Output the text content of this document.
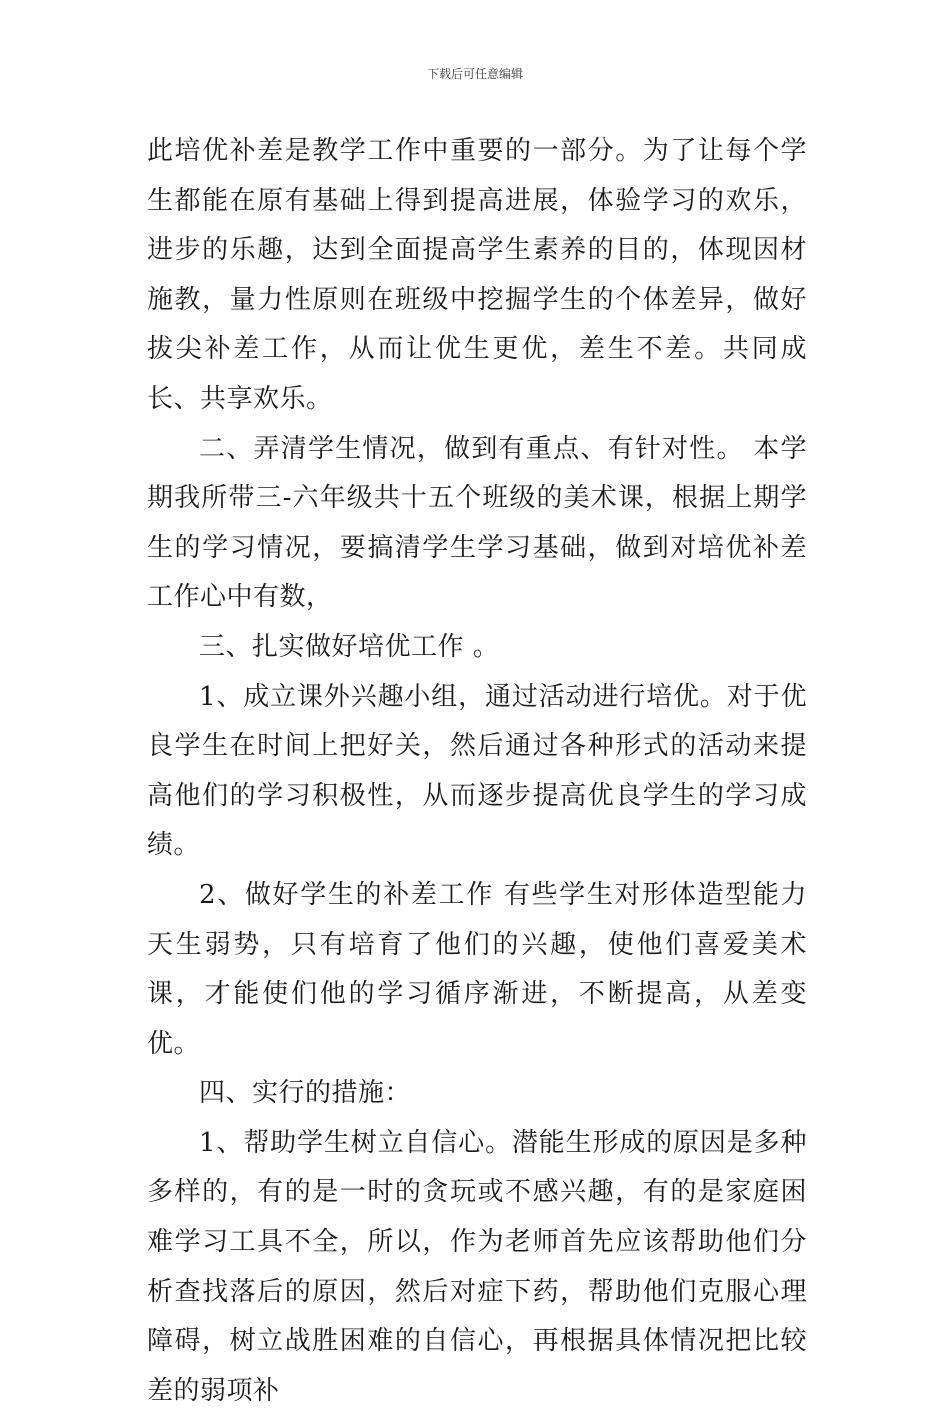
下载后可任意编辑

此培优补差是教学工作中重要的一部分。为了让每个学生都能在原有基础上得到提高进展，体验学习的欢乐，进步的乐趣，达到全面提高学生素养的目的，体现因材施教，量力性原则在班级中挖掘学生的个体差异，做好拔尖补差工作，从而让优生更优，差生不差。共同成长、共享欢乐。

二、弄清学生情况，做到有重点、有针对性。 本学期我所带三-六年级共十五个班级的美术课，根据上期学生的学习情况，要搞清学生学习基础，做到对培优补差工作心中有数，

三、扎实做好培优工作 。

1、成立课外兴趣小组，通过活动进行培优。对于优良学生在时间上把好关，然后通过各种形式的活动来提高他们的学习积极性，从而逐步提高优良学生的学习成绩。

2、做好学生的补差工作 有些学生对形体造型能力天生弱势，只有培育了他们的兴趣，使他们喜爱美术课，才能使们他的学习循序渐进，不断提高，从差变优。

四、实行的措施：

1、帮助学生树立自信心。潜能生形成的原因是多种多样的，有的是一时的贪玩或不感兴趣，有的是家庭困难学习工具不全，所以，作为老师首先应该帮助他们分析查找落后的原因，然后对症下药，帮助他们克服心理障碍，树立战胜困难的自信心，再根据具体情况把比较差的弱项补
